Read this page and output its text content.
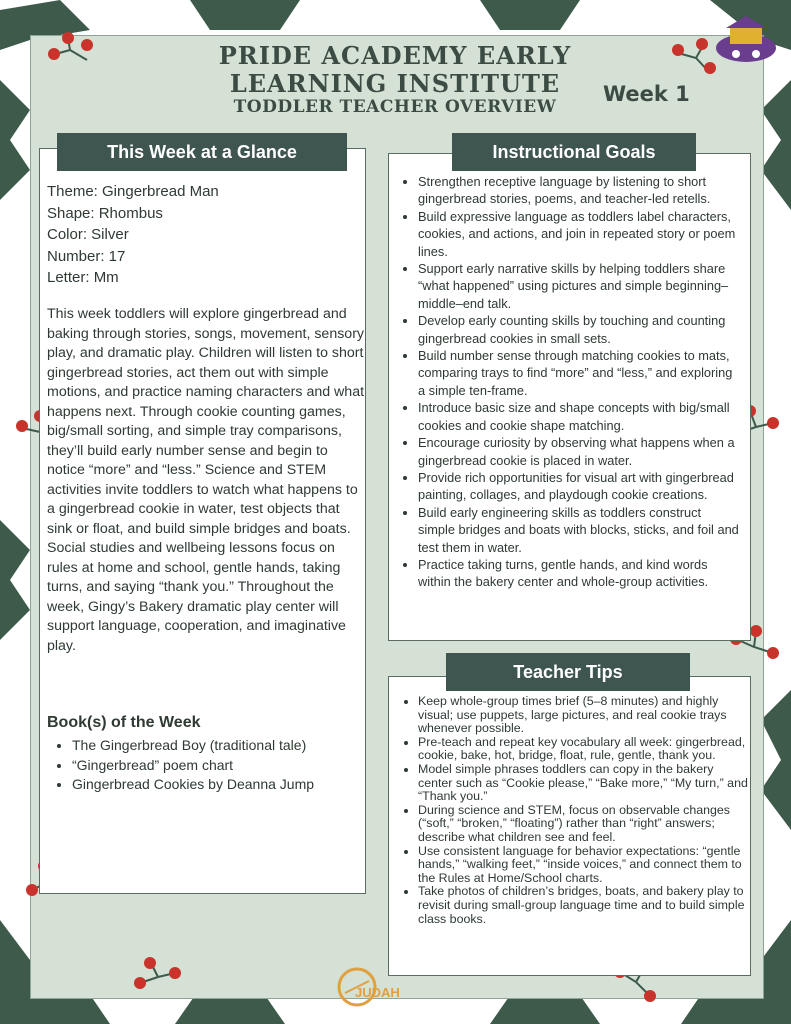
PRIDE ACADEMY EARLY
LEARNING INSTITUTE
TODDLER TEACHER OVERVIEW
Week 1
This Week at a Glance
Theme: Gingerbread Man
Shape: Rhombus
Color: Silver
Number: 17
Letter: Mm
This week toddlers will explore gingerbread and baking through stories, songs, movement, sensory play, and dramatic play. Children will listen to short gingerbread stories, act them out with simple motions, and practice naming characters and what happens next. Through cookie counting games, big/small sorting, and simple tray comparisons, they’ll build early number sense and begin to notice “more” and “less.” Science and STEM activities invite toddlers to watch what happens to a gingerbread cookie in water, test objects that sink or float, and build simple bridges and boats. Social studies and wellbeing lessons focus on rules at home and school, gentle hands, taking turns, and saying “thank you.” Throughout the week, Gingy’s Bakery dramatic play center will support language, cooperation, and imaginative play.
Book(s) of the Week
• The Gingerbread Boy (traditional tale)
• “Gingerbread” poem chart
• Gingerbread Cookies by Deanna Jump
Instructional Goals
• Strengthen receptive language by listening to short gingerbread stories, poems, and teacher-led retells.
• Build expressive language as toddlers label characters, cookies, and actions, and join in repeated story or poem lines.
• Support early narrative skills by helping toddlers share “what happened” using pictures and simple beginning–middle–end talk.
• Develop early counting skills by touching and counting gingerbread cookies in small sets.
• Build number sense through matching cookies to mats, comparing trays to find “more” and “less,” and exploring a simple ten-frame.
• Introduce basic size and shape concepts with big/small cookies and cookie shape matching.
• Encourage curiosity by observing what happens when a gingerbread cookie is placed in water.
• Provide rich opportunities for visual art with gingerbread painting, collages, and playdough cookie creations.
• Build early engineering skills as toddlers construct simple bridges and boats with blocks, sticks, and foil and test them in water.
• Practice taking turns, gentle hands, and kind words within the bakery center and whole-group activities.
Teacher Tips
• Keep whole-group times brief (5–8 minutes) and highly visual; use puppets, large pictures, and real cookie trays whenever possible.
• Pre-teach and repeat key vocabulary all week: gingerbread, cookie, bake, hot, bridge, float, rule, gentle, thank you.
• Model simple phrases toddlers can copy in the bakery center such as “Cookie please,” “Bake more,” “My turn,” and “Thank you.”
• During science and STEM, focus on observable changes (“soft,” “broken,” “floating”) rather than “right” answers; describe what children see and feel.
• Use consistent language for behavior expectations: “gentle hands,” “walking feet,” “inside voices,” and connect them to the Rules at Home/School charts.
• Take photos of children’s bridges, boats, and bakery play to revisit during small-group language time and to build simple class books.
JUDAH
